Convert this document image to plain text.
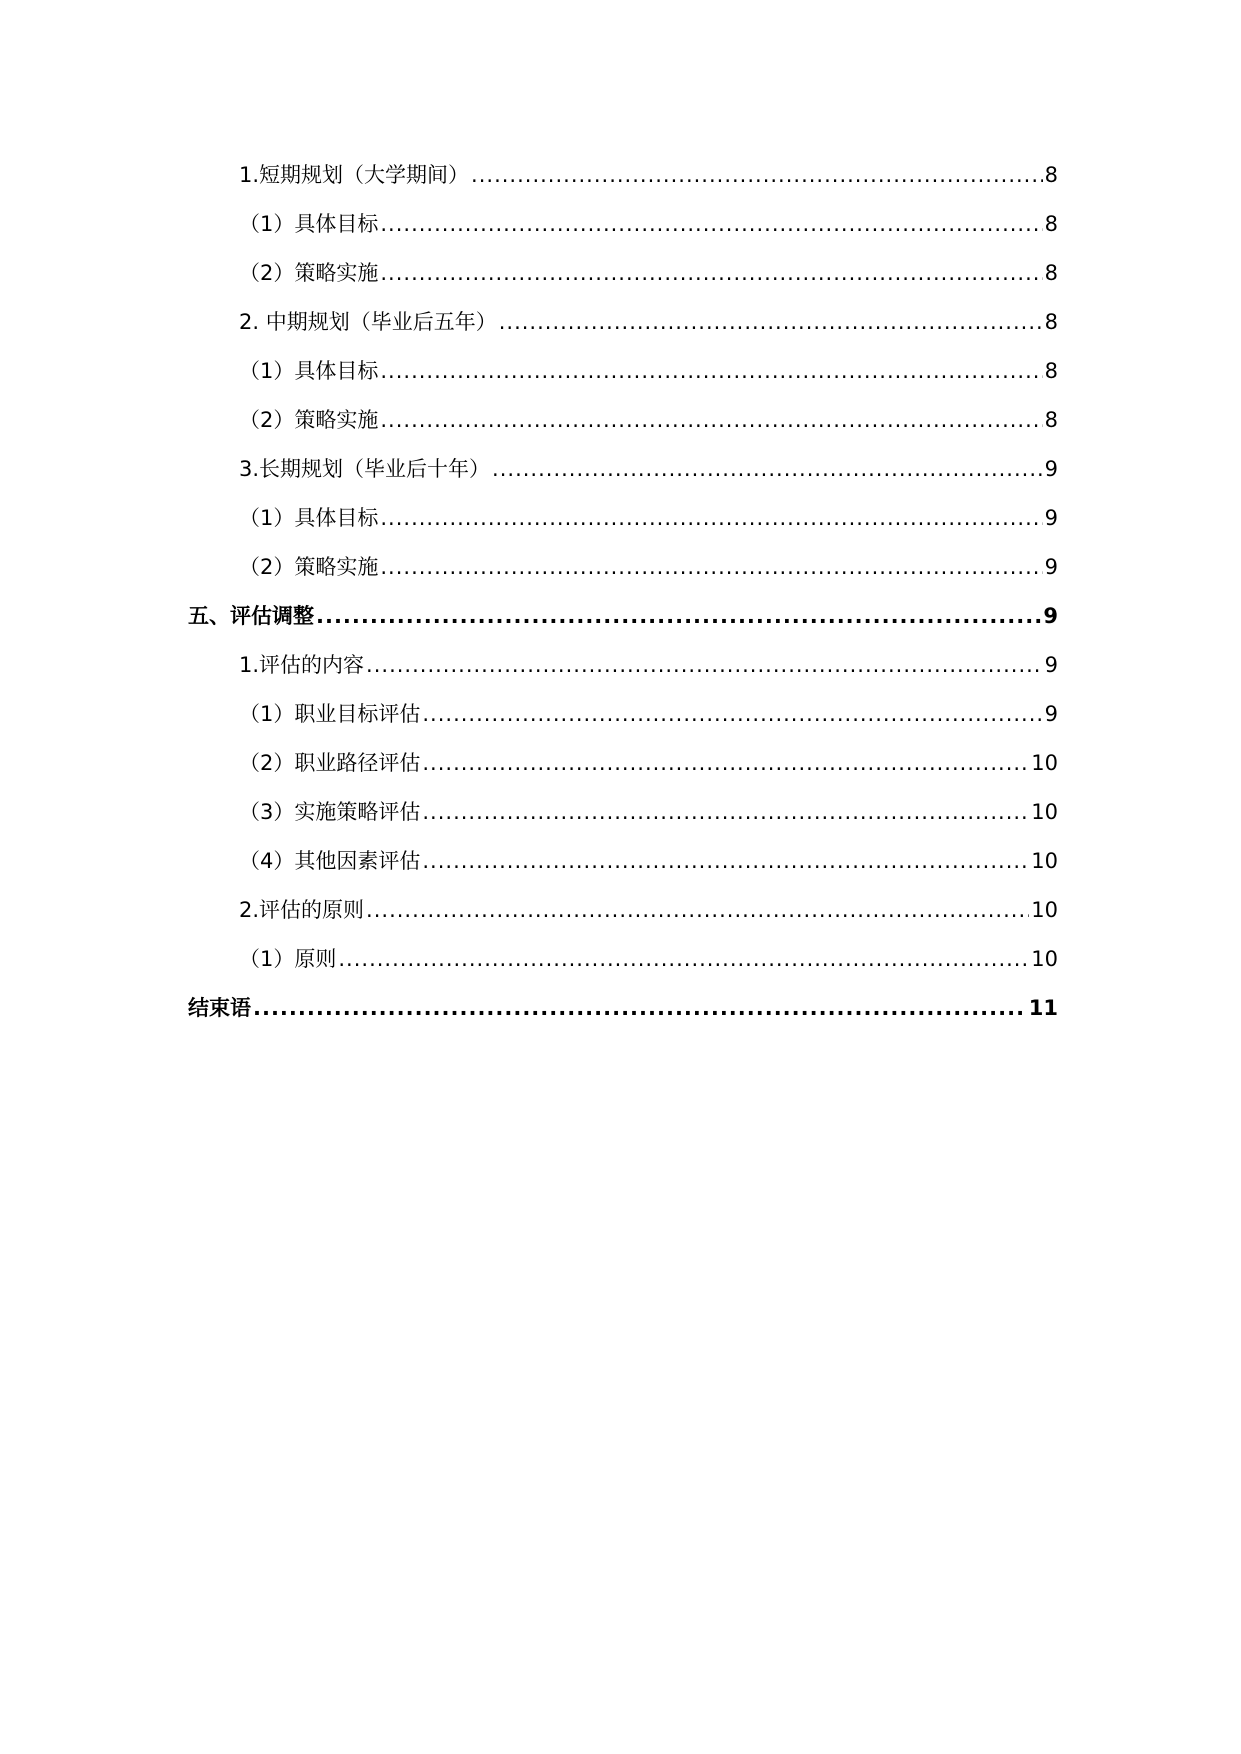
1.短期规划（大学期间） .....	8
（1）具体目标 .....	8
（2）策略实施 .....	8
2. 中期规划（毕业后五年） .....	8
（1）具体目标 .....	8
（2）策略实施 .....	8
3.长期规划（毕业后十年） .....	9
（1）具体目标 .....	9
（2）策略实施 .....	9
五、评估调整 .....	9
1.评估的内容 .....	9
（1）职业目标评估 .....	9
（2）职业路径评估 .....	10
（3）实施策略评估 .....	10
（4）其他因素评估 .....	10
2.评估的原则 .....	10
（1）原则 .....	10
结束语 .....	11
